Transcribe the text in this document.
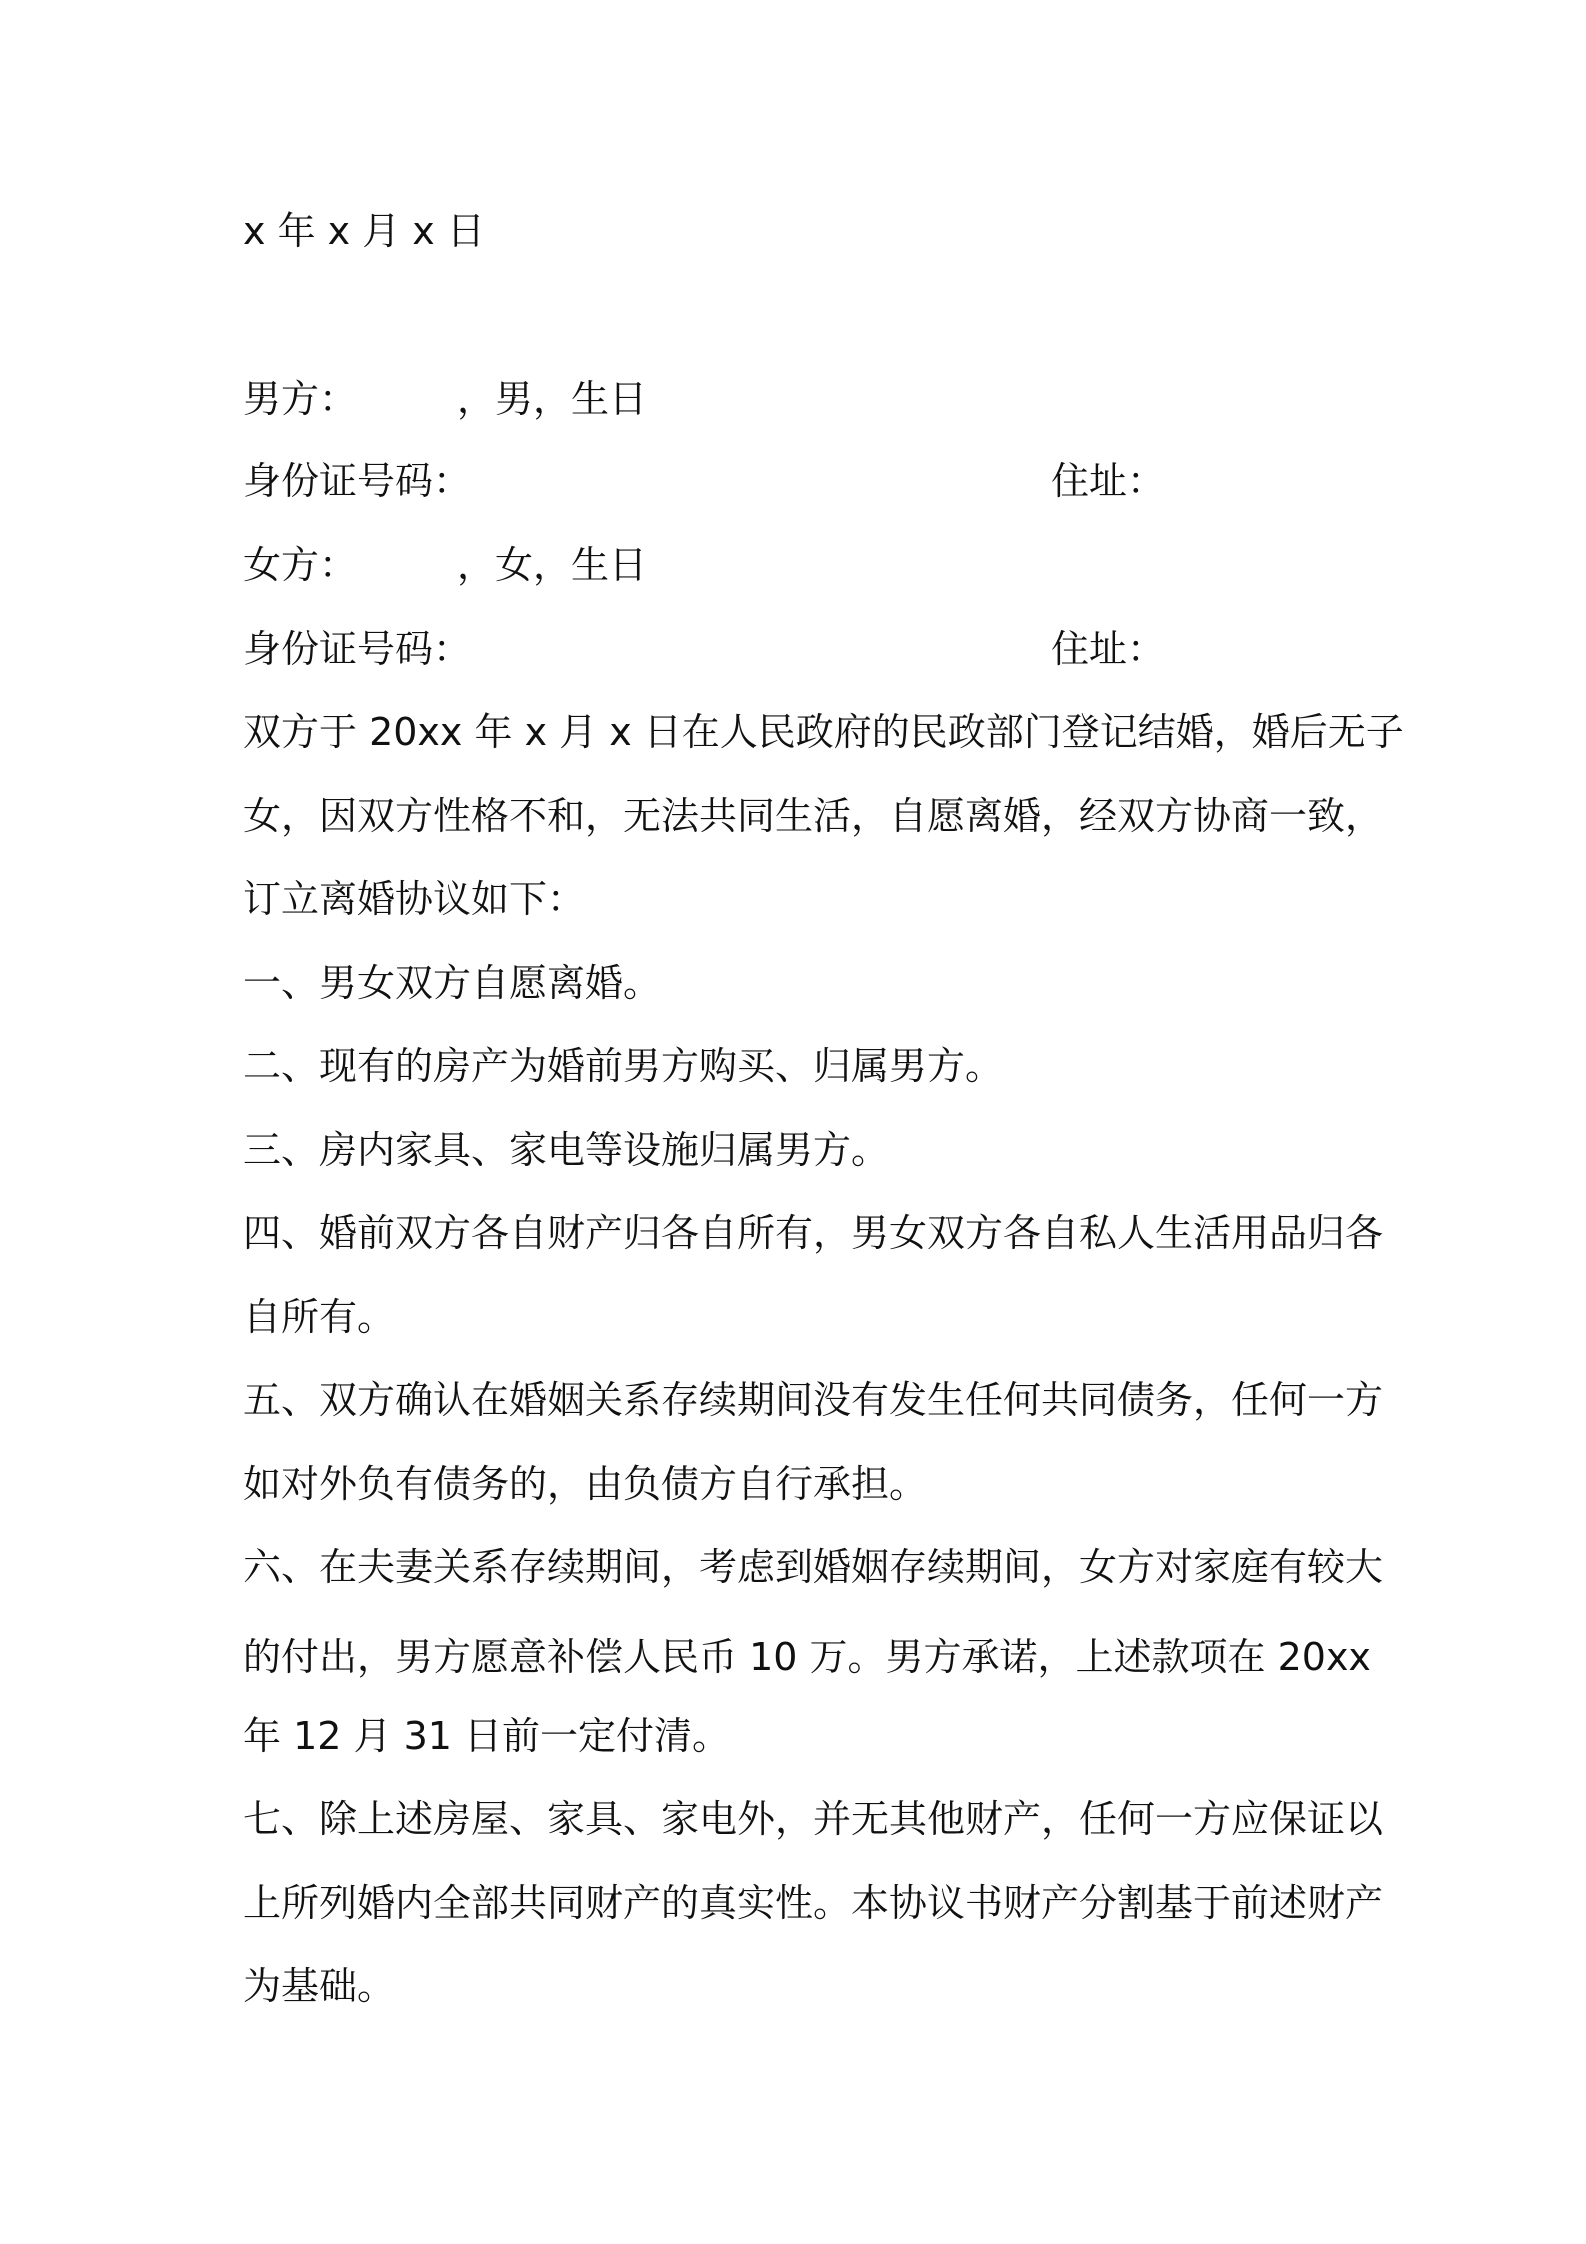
x 年 x 月 x 日
男方：	，男，生日
身份证号码：	住址：
女方：	，女，生日
身份证号码：	住址：
双方于 20xx 年 x 月 x 日在人民政府的民政部门登记结婚，婚后无子
女，因双方性格不和，无法共同生活，自愿离婚，经双方协商一致，
订立离婚协议如下：
一、男女双方自愿离婚。
二、现有的房产为婚前男方购买、归属男方。
三、房内家具、家电等设施归属男方。
四、婚前双方各自财产归各自所有，男女双方各自私人生活用品归各
自所有。
五、双方确认在婚姻关系存续期间没有发生任何共同债务，任何一方
如对外负有债务的，由负债方自行承担。
六、在夫妻关系存续期间，考虑到婚姻存续期间，女方对家庭有较大
的付出，男方愿意补偿人民币 10 万。男方承诺，上述款项在 20xx
年 12 月 31 日前一定付清。
七、除上述房屋、家具、家电外，并无其他财产，任何一方应保证以
上所列婚内全部共同财产的真实性。本协议书财产分割基于前述财产
为基础。
